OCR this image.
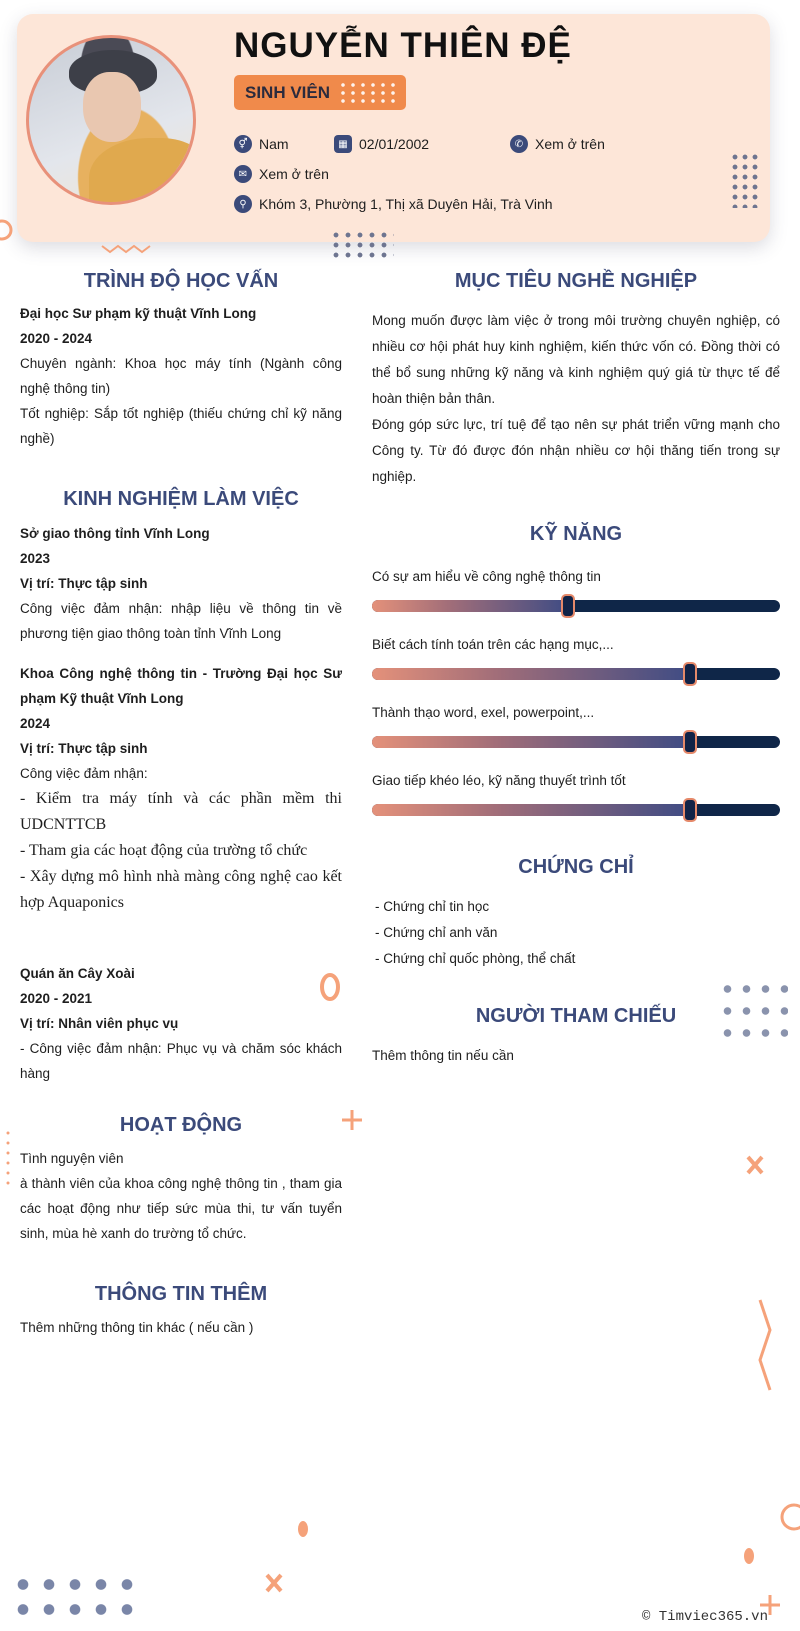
NGUYỄN THIÊN ĐỆ
SINH VIÊN
⚥ Nam	▦ 02/01/2002	✆ Xem ở trên
✉ Xem ở trên
⚲ Khóm 3, Phường 1, Thị xã Duyên Hải, Trà Vinh
TRÌNH ĐỘ HỌC VẤN
Đại học Sư phạm kỹ thuật Vĩnh Long
2020 - 2024
Chuyên ngành: Khoa học máy tính (Ngành công nghệ thông tin)
Tốt nghiệp: Sắp tốt nghiệp (thiếu chứng chỉ kỹ năng nghề)
KINH NGHIỆM LÀM VIỆC
Sở giao thông tỉnh Vĩnh Long
2023
Vị trí: Thực tập sinh
Công việc đảm nhận: nhập liệu về thông tin về phương tiện giao thông toàn tỉnh Vĩnh Long
Khoa Công nghệ thông tin - Trường Đại học Sư phạm Kỹ thuật Vĩnh Long
2024
Vị trí: Thực tập sinh
Công việc đảm nhận:
- Kiểm tra máy tính và các phần mềm thi UDCNTTCB
- Tham gia các hoạt động của trường tổ chức
- Xây dựng mô hình nhà màng công nghệ cao kết hợp Aquaponics
Quán ăn Cây Xoài
2020 - 2021
Vị trí: Nhân viên phục vụ
- Công việc đảm nhận: Phục vụ và chăm sóc khách hàng
HOẠT ĐỘNG
Tình nguyện viên
à thành viên của khoa công nghệ thông tin , tham gia các hoạt động như tiếp sức mùa thi, tư vấn tuyển sinh, mùa hè xanh do trường tổ chức.
THÔNG TIN THÊM
Thêm những thông tin khác ( nếu cần )
MỤC TIÊU NGHỀ NGHIỆP
Mong muốn được làm việc ở trong môi trường chuyên nghiệp, có nhiều cơ hội phát huy kinh nghiệm, kiến thức vốn có. Đồng thời có thể bổ sung những kỹ năng và kinh nghiệm quý giá từ thực tế để hoàn thiện bản thân.
Đóng góp sức lực, trí tuệ để tạo nên sự phát triển vững mạnh cho Công ty. Từ đó được đón nhận nhiều cơ hội thăng tiến trong sự nghiệp.
KỸ NĂNG
Có sự am hiểu về công nghệ thông tin
Biết cách tính toán trên các hạng mục,...
Thành thạo word, exel, powerpoint,...
Giao tiếp khéo léo, kỹ năng thuyết trình tốt
CHỨNG CHỈ
- Chứng chỉ tin học
- Chứng chỉ anh văn
- Chứng chỉ quốc phòng, thể chất
NGƯỜI THAM CHIẾU
Thêm thông tin nếu cần
© Timviec365.vn
